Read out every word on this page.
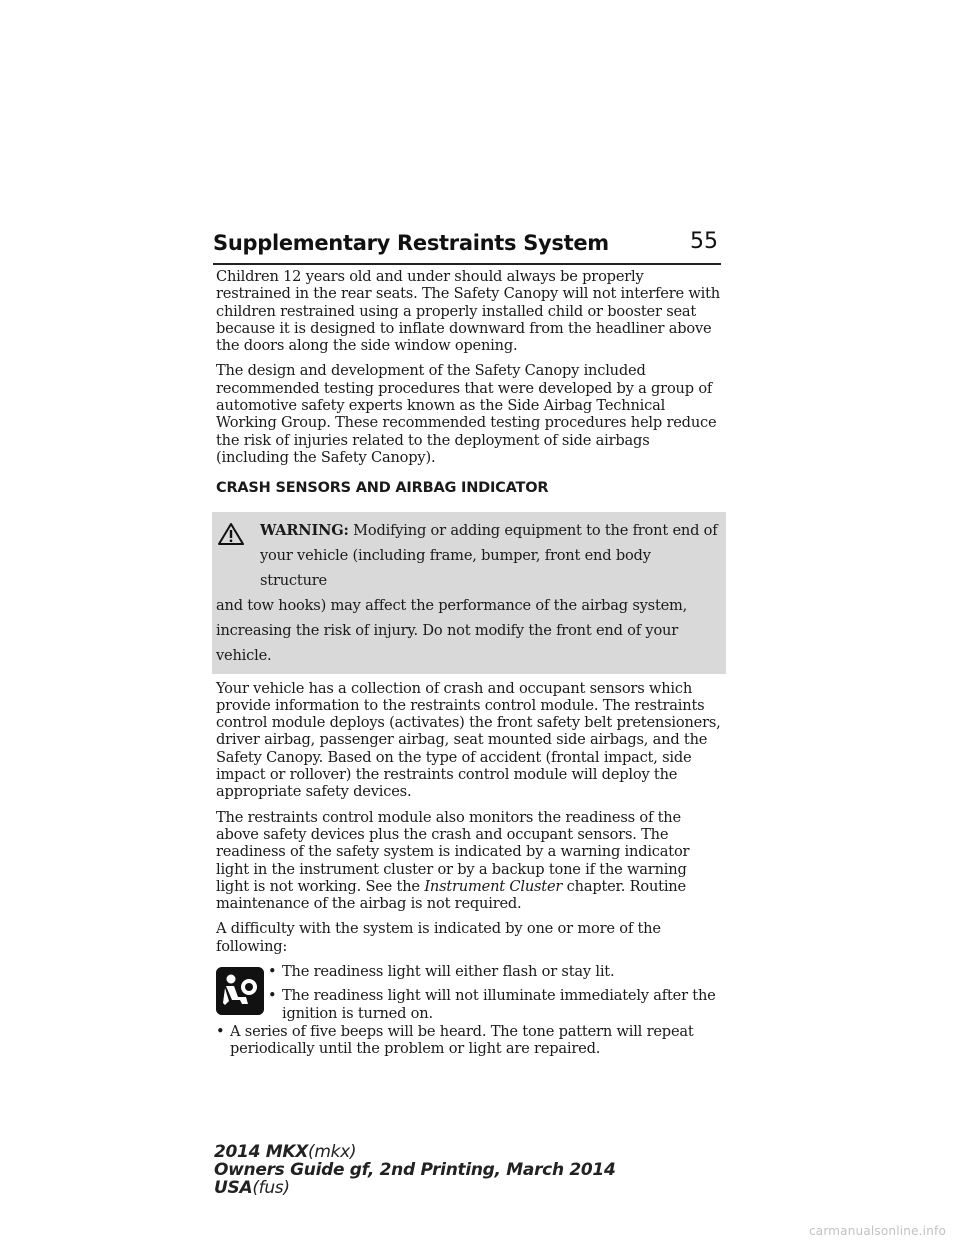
Supplementary Restraints System	55

Children 12 years old and under should always be properly restrained in the rear seats. The Safety Canopy will not interfere with children restrained using a properly installed child or booster seat because it is designed to inflate downward from the headliner above the doors along the side window opening.

The design and development of the Safety Canopy included recommended testing procedures that were developed by a group of automotive safety experts known as the Side Airbag Technical Working Group. These recommended testing procedures help reduce the risk of injuries related to the deployment of side airbags (including the Safety Canopy).

CRASH SENSORS AND AIRBAG INDICATOR
WARNING: Modifying or adding equipment to the front end of your vehicle (including frame, bumper, front end body structure
and tow hooks) may affect the performance of the airbag system, increasing the risk of injury. Do not modify the front end of your vehicle.

Your vehicle has a collection of crash and occupant sensors which provide information to the restraints control module. The restraints control module deploys (activates) the front safety belt pretensioners, driver airbag, passenger airbag, seat mounted side airbags, and the Safety Canopy. Based on the type of accident (frontal impact, side impact or rollover) the restraints control module will deploy the appropriate safety devices.

The restraints control module also monitors the readiness of the above safety devices plus the crash and occupant sensors. The readiness of the safety system is indicated by a warning indicator light in the instrument cluster or by a backup tone if the warning light is not working. See the Instrument Cluster chapter. Routine maintenance of the airbag is not required.

A difficulty with the system is indicated by one or more of the following:

• The readiness light will either flash or stay lit.
• The readiness light will not illuminate immediately after the ignition is turned on.
• A series of five beeps will be heard. The tone pattern will repeat periodically until the problem or light are repaired.
2014 MKX(mkx)
Owners Guide gf, 2nd Printing, March 2014
USA(fus)
carmanualsonline.info
